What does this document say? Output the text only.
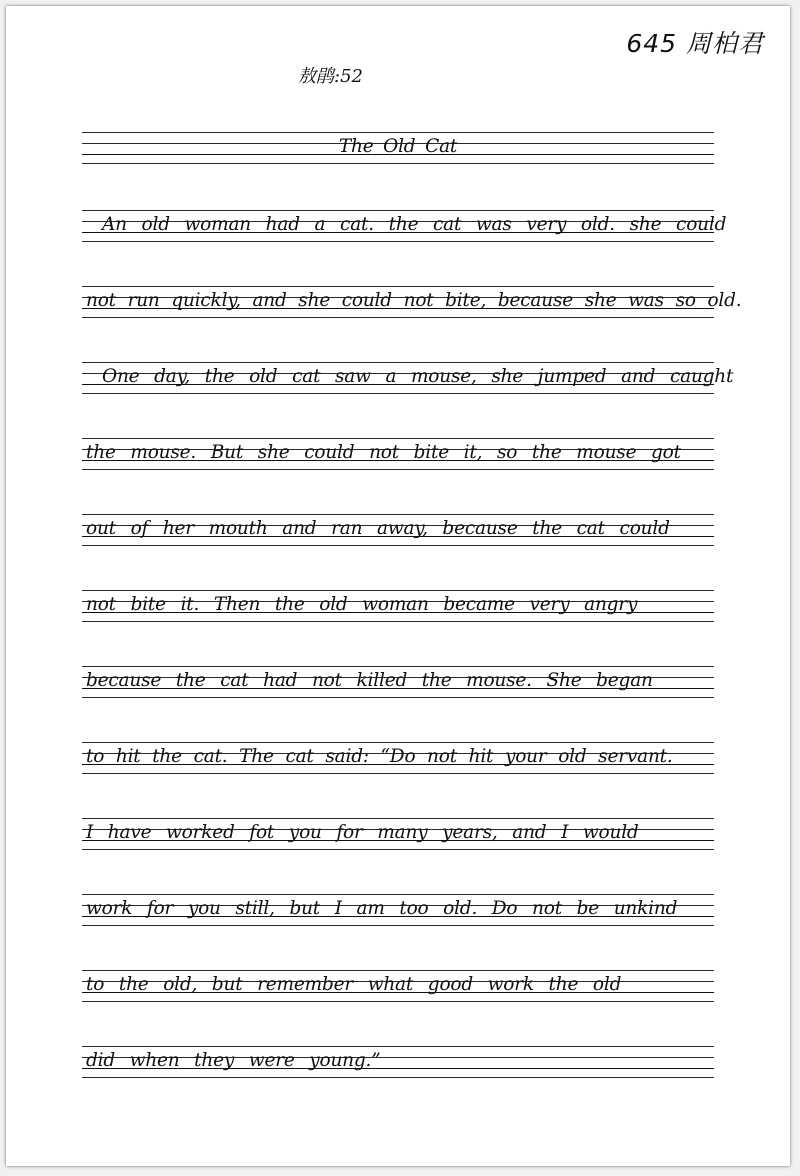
645 周柏君
敖鹃:52
The Old Cat
An old woman had a cat. the cat was very old. she could
not run quickly, and she could not bite, because she was so old.
One day, the old cat saw a mouse, she jumped and caught
the mouse. But she could not bite it, so the mouse got
out of her mouth and ran away, because the cat could
not bite it. Then the old woman became very angry
because the cat had not killed the mouse. She began
to hit the cat. The cat said: “Do not hit your old servant.
I have worked fot you for many years, and I would
work for you still, but I am too old. Do not be unkind
to the old, but remember what good work the old
did when they were young.”
